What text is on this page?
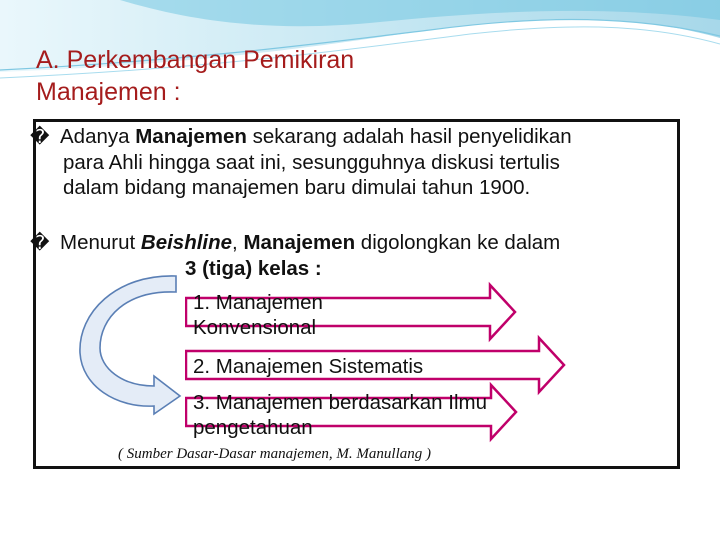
A. Perkembangan Pemikiran
Manajemen :
� Adanya Manajemen sekarang adalah hasil penyelidikan
para Ahli hingga saat ini, sesungguhnya diskusi tertulis
dalam bidang manajemen baru dimulai tahun 1900.
� Menurut Beishline, Manajemen digolongkan ke dalam
3 (tiga) kelas :
1. Manajemen
Konvensional
2. Manajemen Sistematis
3. Manajemen berdasarkan Ilmu
pengetahuan
( Sumber Dasar-Dasar manajemen, M. Manullang )
